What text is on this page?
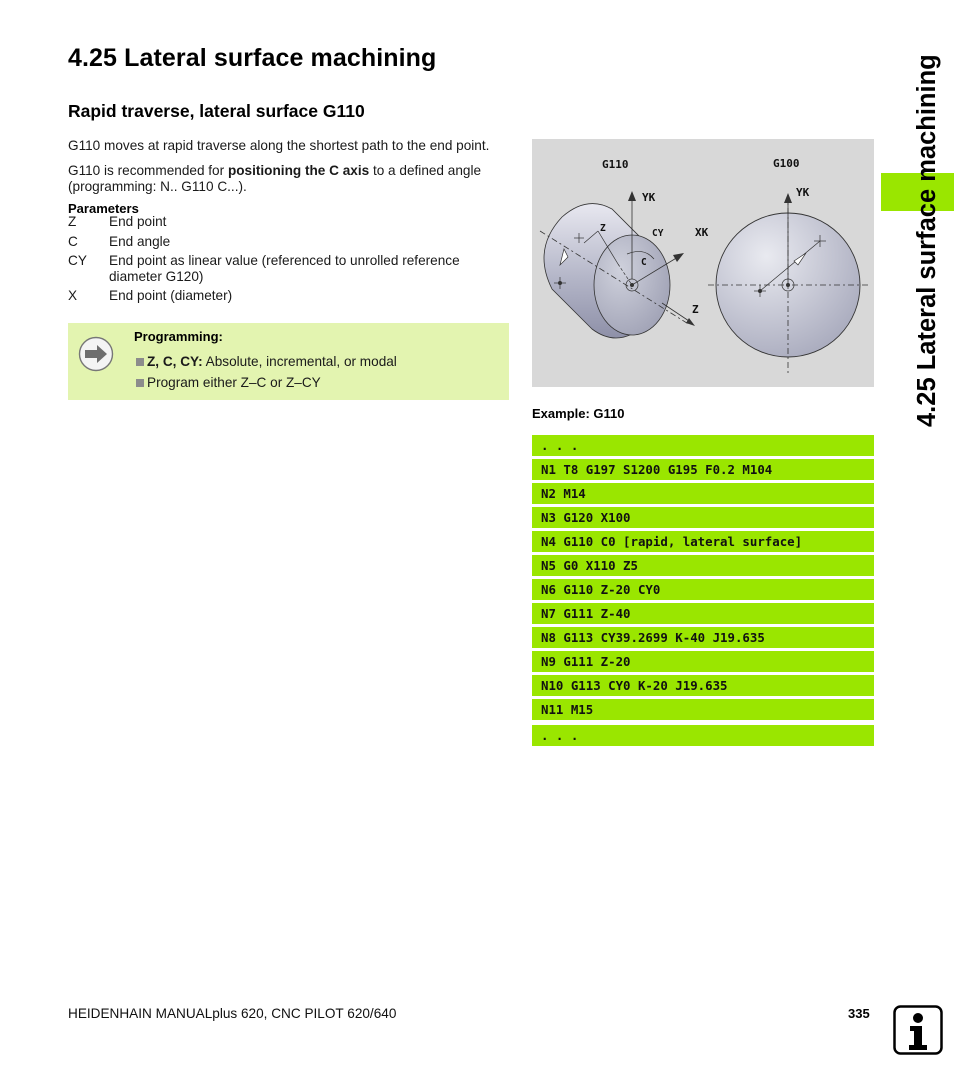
4.25 Lateral surface machining
Rapid traverse, lateral surface G110

G110 moves at rapid traverse along the shortest path to the end point.

G110 is recommended for positioning the C axis to a defined angle
(programming: N.. G110 C...).

Parameters
Z End point
C End angle
CY End point as linear value (referenced to unrolled reference
diameter G120)
X End point (diameter)
Programming:
Z, C, CY: Absolute, incremental, or modal
Program either Z–C or Z–CY
G110	G100
YK	YK
XK
Z	CY
C
Z
Example: G110
. . .
N1 T8 G197 S1200 G195 F0.2 M104
N2 M14
N3 G120 X100
N4 G110 C0 [rapid, lateral surface]
N5 G0 X110 Z5
N6 G110 Z-20 CY0
N7 G111 Z-40
N8 G113 CY39.2699 K-40 J19.635
N9 G111 Z-20
N10 G113 CY0 K-20 J19.635
N11 M15
. . .
4.25 Lateral surface machining
HEIDENHAIN MANUALplus 620, CNC PILOT 620/640	335
